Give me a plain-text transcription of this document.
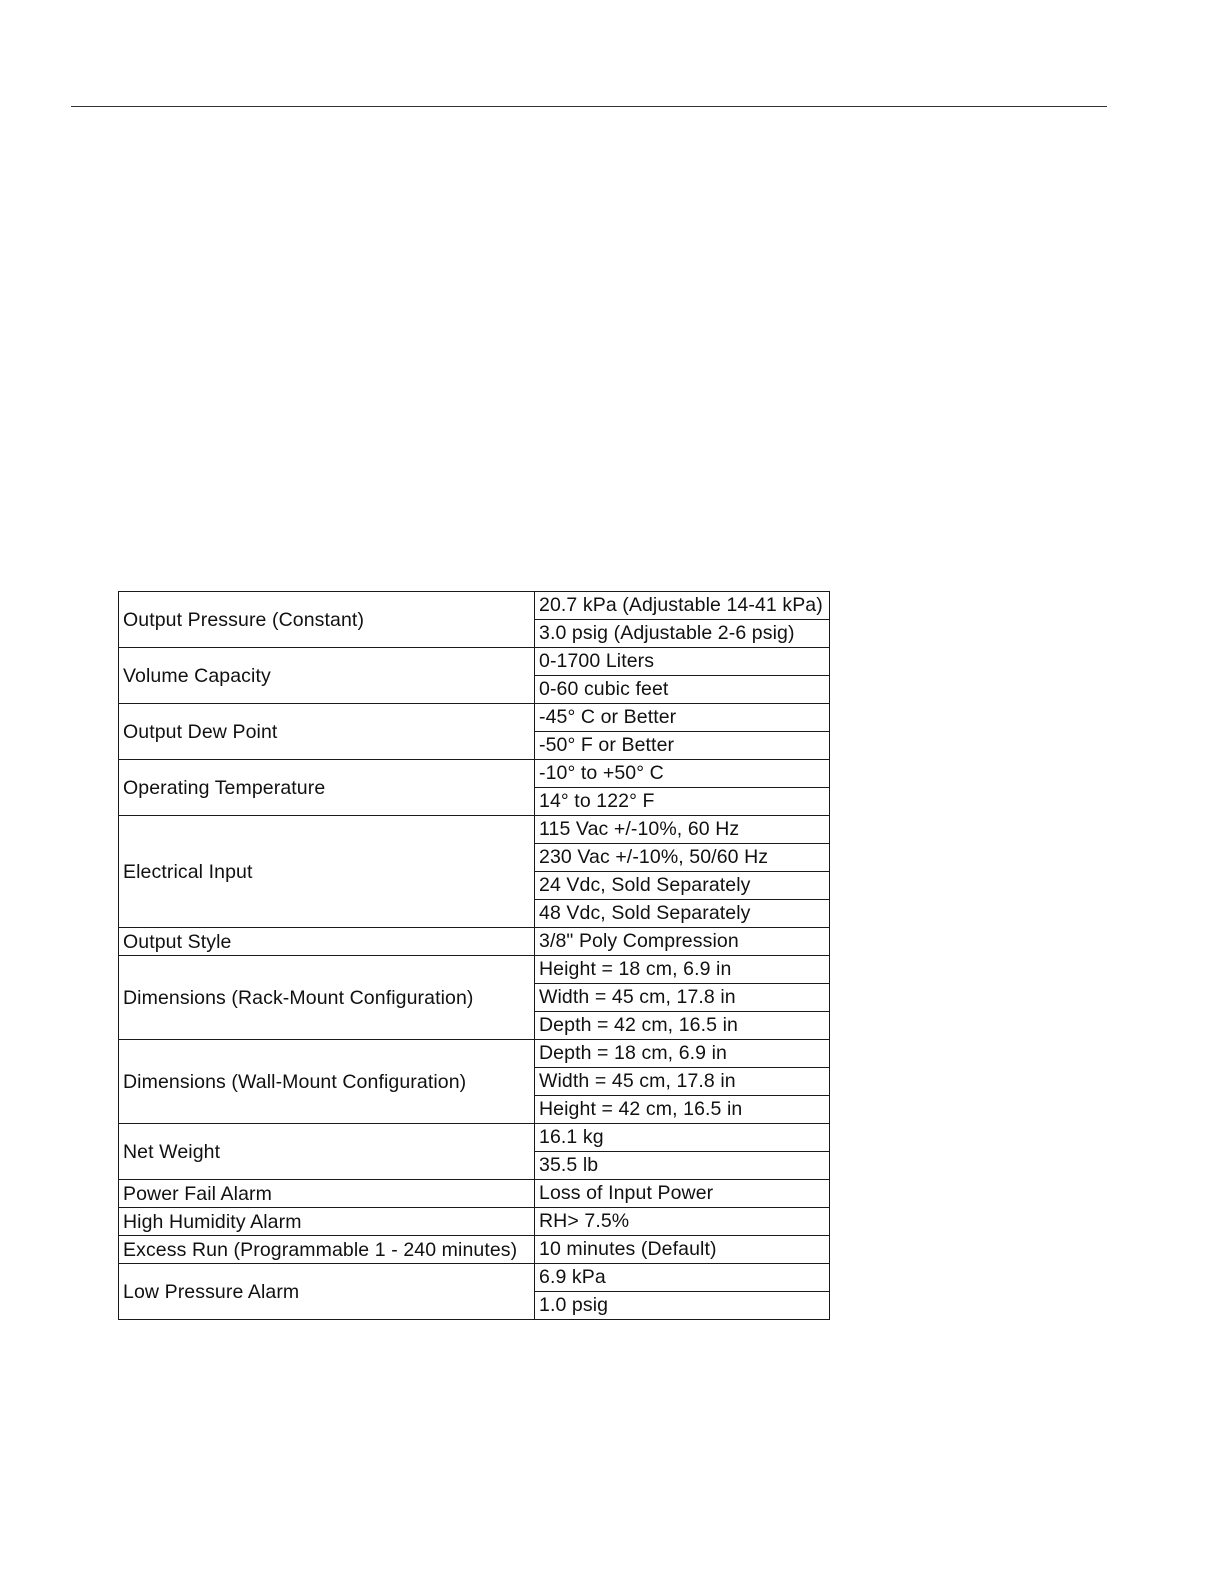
Output Pressure (Constant)	20.7 kPa (Adjustable 14-41 kPa)
	3.0 psig (Adjustable 2-6 psig)
Volume Capacity	0-1700 Liters
	0-60 cubic feet
Output Dew Point	-45° C or Better
	-50° F or Better
Operating Temperature	-10° to +50° C
	14° to 122° F
Electrical Input	115 Vac +/-10%, 60 Hz
	230 Vac +/-10%, 50/60 Hz
	24 Vdc, Sold Separately
	48 Vdc, Sold Separately
Output Style	3/8" Poly Compression
Dimensions (Rack-Mount Configuration)	Height = 18 cm, 6.9 in
	Width = 45 cm, 17.8 in
	Depth = 42 cm, 16.5 in
Dimensions (Wall-Mount Configuration)	Depth = 18 cm, 6.9 in
	Width = 45 cm, 17.8 in
	Height = 42 cm, 16.5 in
Net Weight	16.1 kg
	35.5 lb
Power Fail Alarm	Loss of Input Power
High Humidity Alarm	RH> 7.5%
Excess Run (Programmable 1 - 240 minutes)	10 minutes (Default)
Low Pressure Alarm	6.9 kPa
	1.0 psig
